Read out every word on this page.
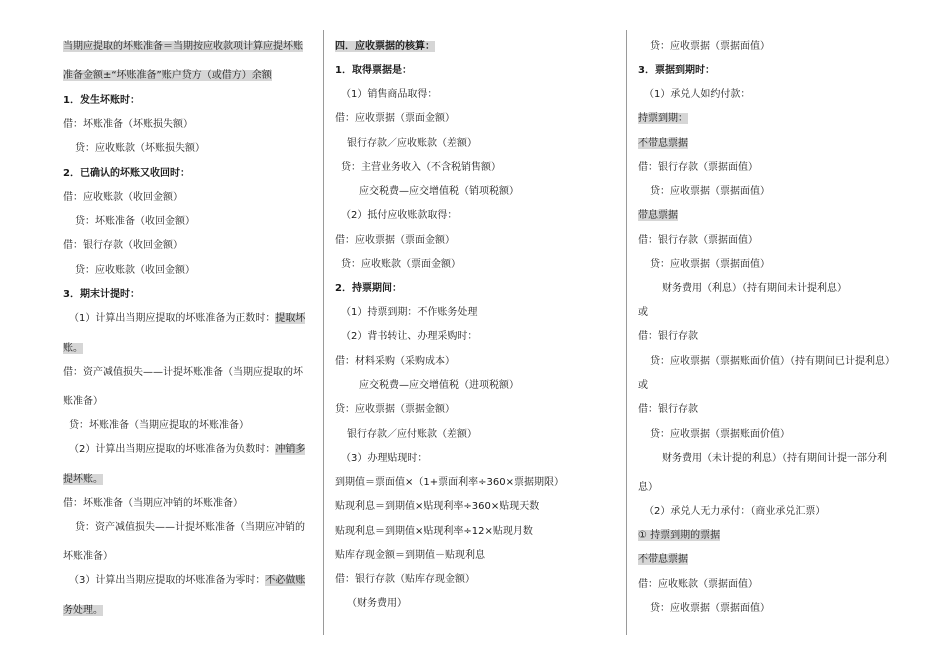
当期应提取的坏账准备＝当期按应收款项计算应提坏账
准备金额±“坏账准备”账户贷方（或借方）余额
1．发生坏账时：
借：坏账准备（坏账损失额）
贷：应收账款（坏账损失额）
2．已确认的坏账又收回时：
借：应收账款（收回金额）
贷：坏账准备（收回金额）
借：银行存款（收回金额）
贷：应收账款（收回金额）
3．期末计提时：
（1）计算出当期应提取的坏账准备为正数时：提取坏
账。
借：资产减值损失——计提坏账准备（当期应提取的坏
账准备）
贷：坏账准备（当期应提取的坏账准备）
（2）计算出当期应提取的坏账准备为负数时：冲销多
提坏账。
借：坏账准备（当期应冲销的坏账准备）
贷：资产减值损失——计提坏账准备（当期应冲销的
坏账准备）
（3）计算出当期应提取的坏账准备为零时：不必做账
务处理。
四．应收票据的核算：
1．取得票据是：
（1）销售商品取得：
借：应收票据（票面金额）
银行存款／应收账款（差额）
贷：主营业务收入（不含税销售额）
应交税费—应交增值税（销项税额）
（2）抵付应收账款取得：
借：应收票据（票面金额）
贷：应收账款（票面金额）
2．持票期间：
（1）持票到期：不作账务处理
（2）背书转让、办理采购时：
借：材料采购（采购成本）
应交税费—应交增值税（进项税额）
贷：应收票据（票据金额）
银行存款／应付账款（差额）
（3）办理贴现时：
到期值＝票面值×（1+票面利率÷360×票据期限）
贴现利息＝到期值×贴现利率÷360×贴现天数
贴现利息＝到期值×贴现利率÷12×贴现月数
贴库存现金额＝到期值－贴现利息
借：银行存款（贴库存现金额）
（财务费用）
贷：应收票据（票据面值）
3．票据到期时：
（1）承兑人如约付款：
持票到期：
不带息票据
借：银行存款（票据面值）
贷：应收票据（票据面值）
带息票据
借：银行存款（票据面值）
贷：应收票据（票据面值）
财务费用（利息）（持有期间未计提利息）
或
借：银行存款
贷：应收票据（票据账面价值）（持有期间已计提利息）
或
借：银行存款
贷：应收票据（票据账面价值）
财务费用（未计提的利息）（持有期间计提一部分利
息）
（2）承兑人无力承付：（商业承兑汇票）
① 持票到期的票据
不带息票据
借：应收账款（票据面值）
贷：应收票据（票据面值）
